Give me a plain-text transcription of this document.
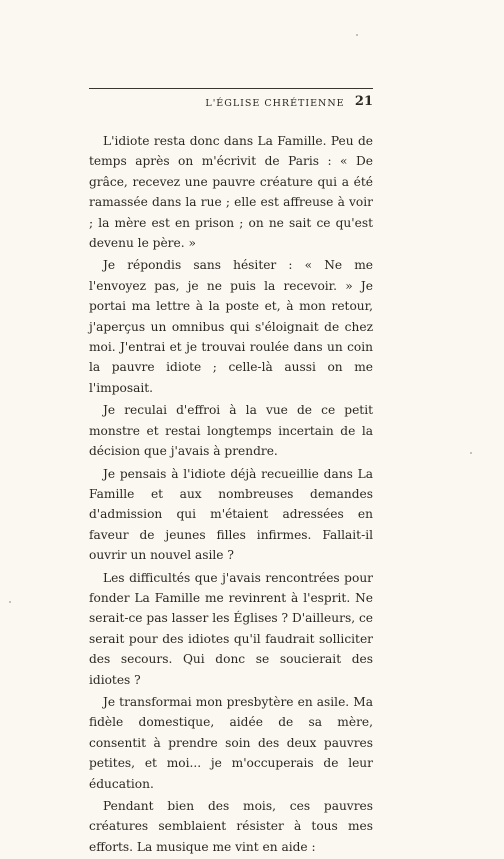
L'ÉGLISE CHRÉTIENNE 21

L'idiote resta donc dans La Famille. Peu de temps après on m'écrivit de Paris : « De grâce, recevez une pauvre créature qui a été ramassée dans la rue ; elle est affreuse à voir ; la mère est en prison ; on ne sait ce qu'est devenu le père. »

Je répondis sans hésiter : « Ne me l'envoyez pas, je ne puis la recevoir. » Je portai ma lettre à la poste et, à mon retour, j'aperçus un omnibus qui s'éloignait de chez moi. J'entrai et je trouvai roulée dans un coin la pauvre idiote ; celle-là aussi on me l'imposait.

Je reculai d'effroi à la vue de ce petit monstre et restai longtemps incertain de la décision que j'avais à prendre.

Je pensais à l'idiote déjà recueillie dans La Famille et aux nombreuses demandes d'admission qui m'étaient adressées en faveur de jeunes filles infirmes. Fallait-il ouvrir un nouvel asile ?

Les difficultés que j'avais rencontrées pour fonder La Famille me revinrent à l'esprit. Ne serait-ce pas lasser les Églises ? D'ailleurs, ce serait pour des idiotes qu'il faudrait solliciter des secours. Qui donc se soucierait des idiotes ?

Je transformai mon presbytère en asile. Ma fidèle domestique, aidée de sa mère, consentit à prendre soin des deux pauvres petites, et moi... je m'occuperais de leur éducation.

Pendant bien des mois, ces pauvres créatures semblaient résister à tous mes efforts. La musique me vint en aide :
